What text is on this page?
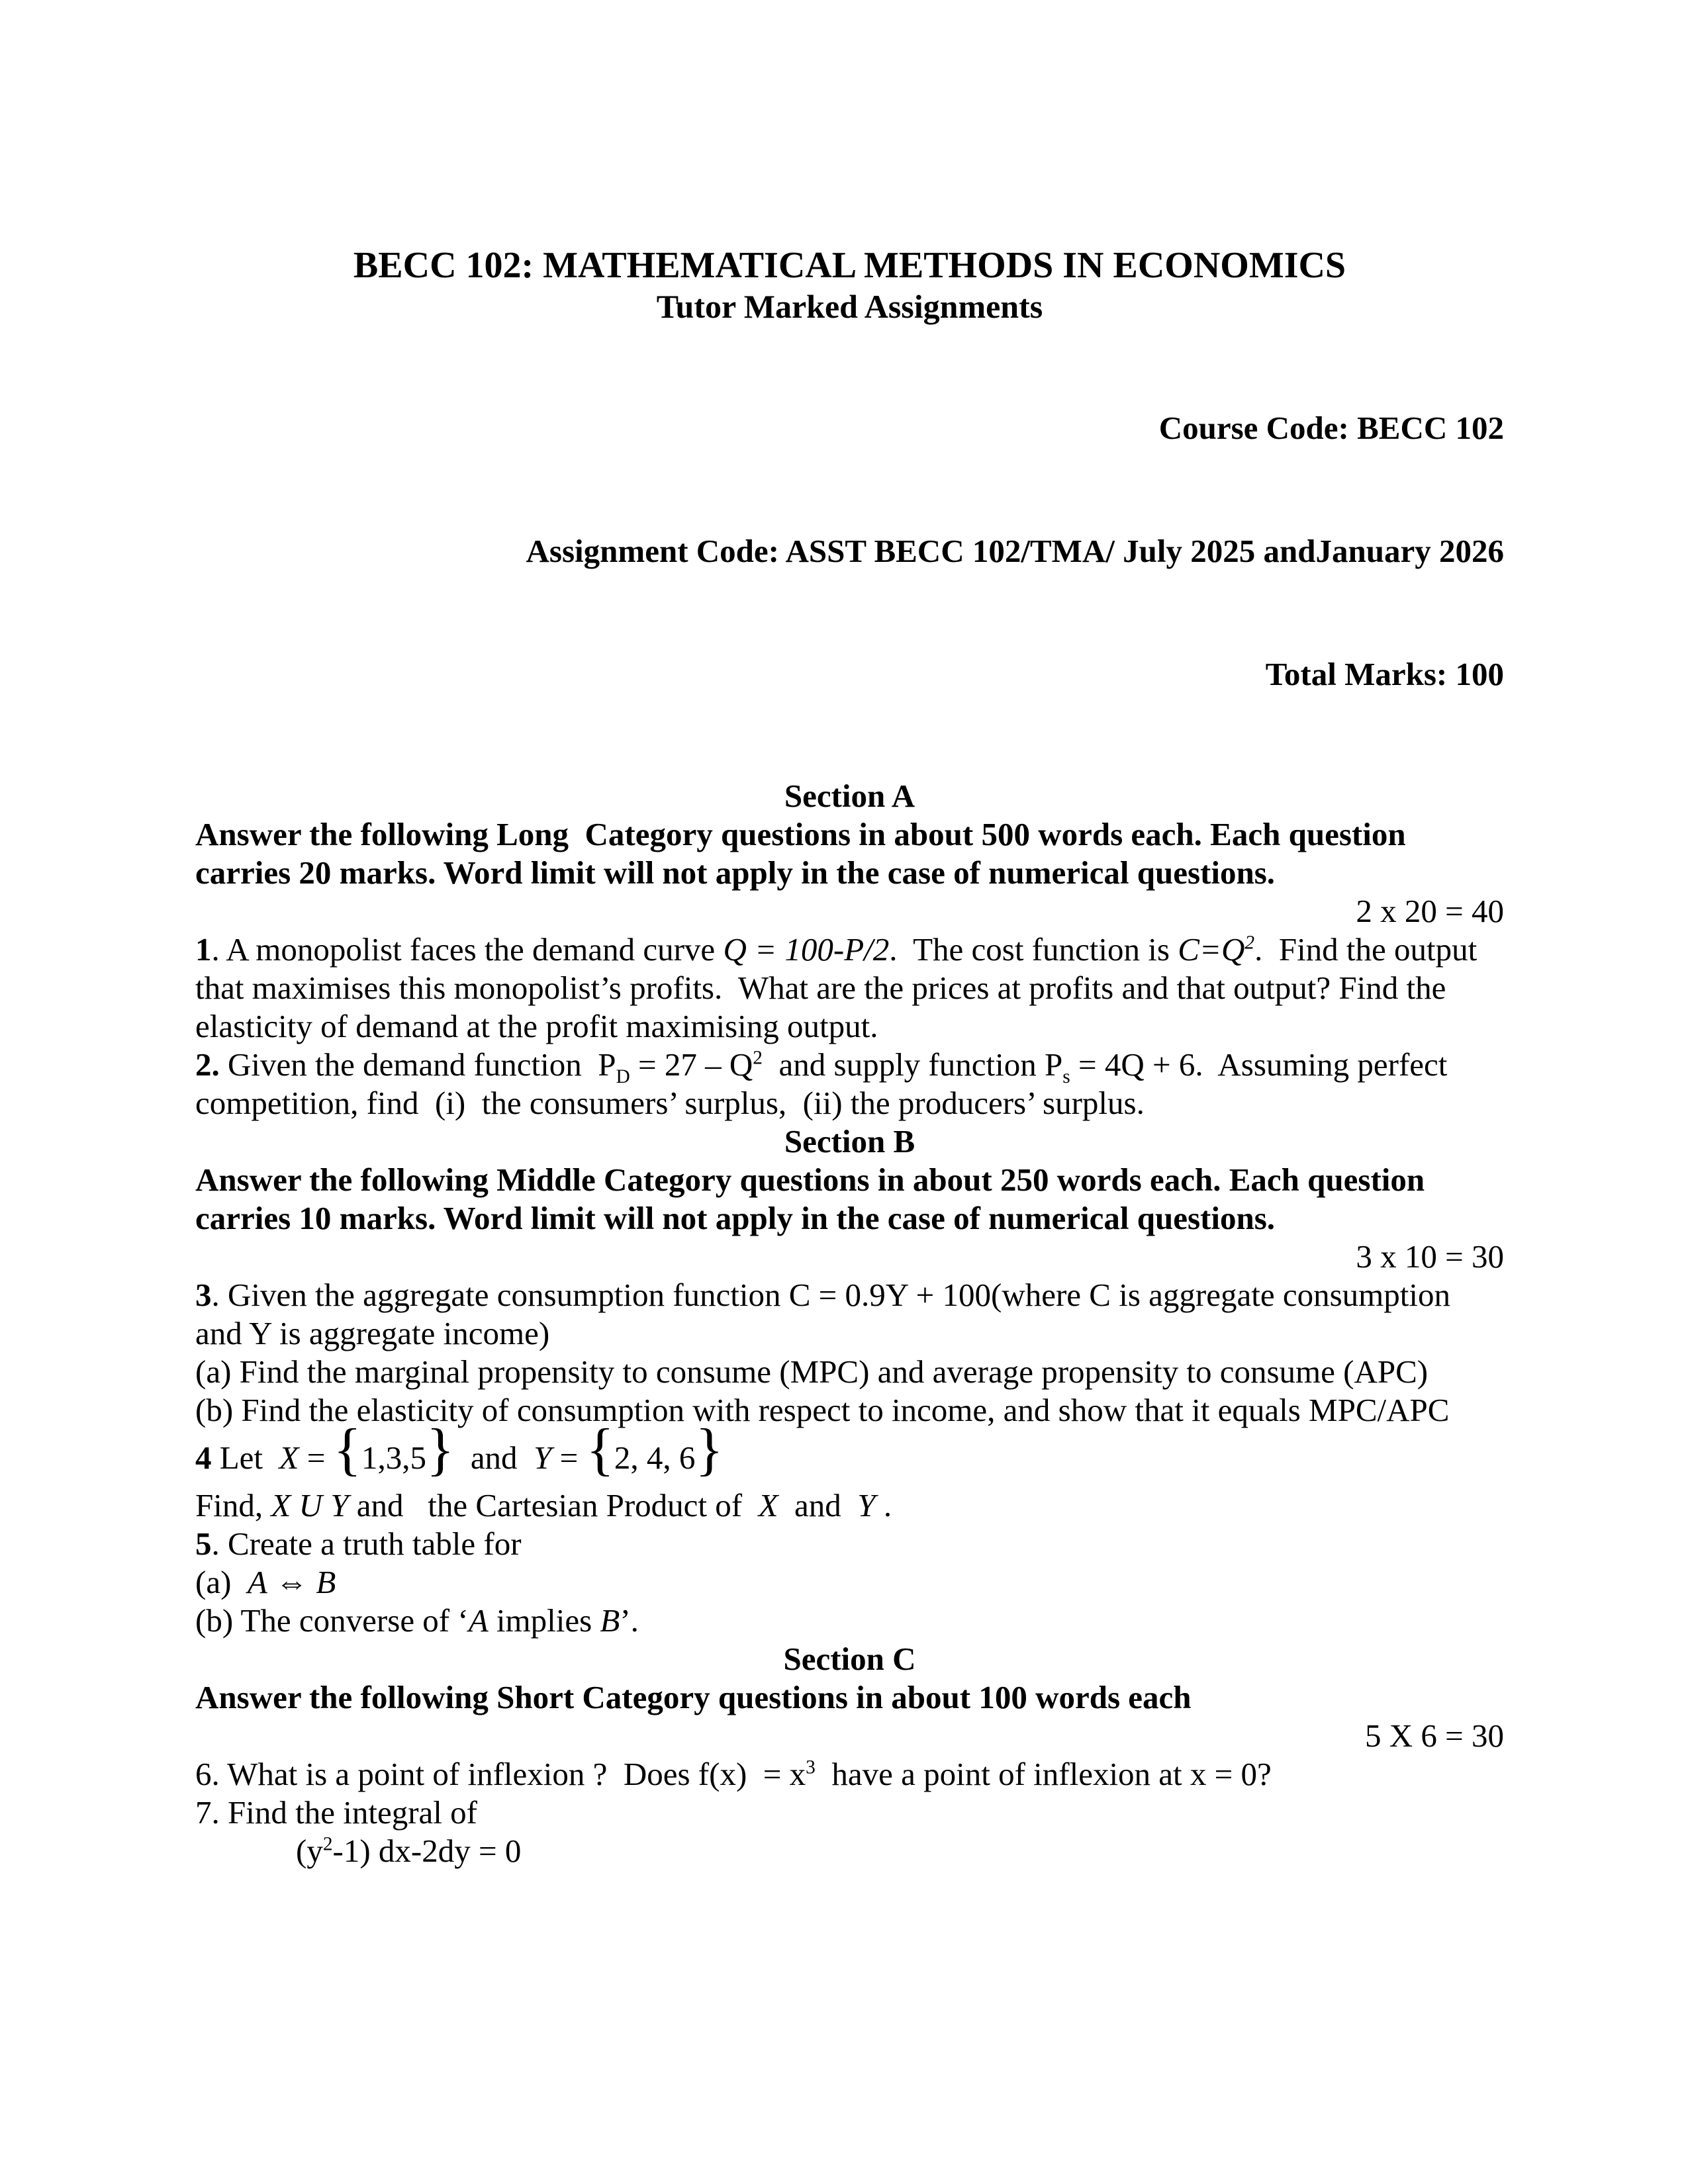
BECC 102: MATHEMATICAL METHODS IN ECONOMICS
Tutor Marked Assignments

Course Code: BECC 102

Assignment Code: ASST BECC 102/TMA/ July 2025 andJanuary 2026

Total Marks: 100

Section A

Answer the following Long  Category questions in about 500 words each. Each question carries 20 marks. Word limit will not apply in the case of numerical questions.

2 x 20 = 40

1. A monopolist faces the demand curve Q = 100-P/2.  The cost function is $C=Q^2$.  Find the output that maximises this monopolist’s profits.  What are the prices at profits and that output? Find the elasticity of demand at the profit maximising output.

2. Given the demand function  $P_D = 27 - Q^2$  and supply function $P_s = 4Q + 6$.  Assuming perfect competition, find  (i)  the consumers’ surplus,  (ii) the producers’ surplus.

Section B

Answer the following Middle Category questions in about 250 words each. Each question carries 10 marks. Word limit will not apply in the case of numerical questions.

3 x 10 = 30

3. Given the aggregate consumption function C = 0.9Y + 100(where C is aggregate consumption and Y is aggregate income)

(a) Find the marginal propensity to consume (MPC) and average propensity to consume (APC)

(b) Find the elasticity of consumption with respect to income, and show that it equals MPC/APC

4 Let  X = {1,3,5}  and  Y = {2, 4, 6}

Find, X U Y and   the Cartesian Product of  X  and  Y .

5. Create a truth table for

(a)  A ⇔ B

(b) The converse of ‘A implies B’.

Section C

Answer the following Short Category questions in about 100 words each

5 X 6 = 30

6. What is a point of inflexion ?  Does $f(x) = x^3$  have a point of inflexion at x = 0?

7. Find the integral of

$(y^2-1) dx-2dy = 0$
